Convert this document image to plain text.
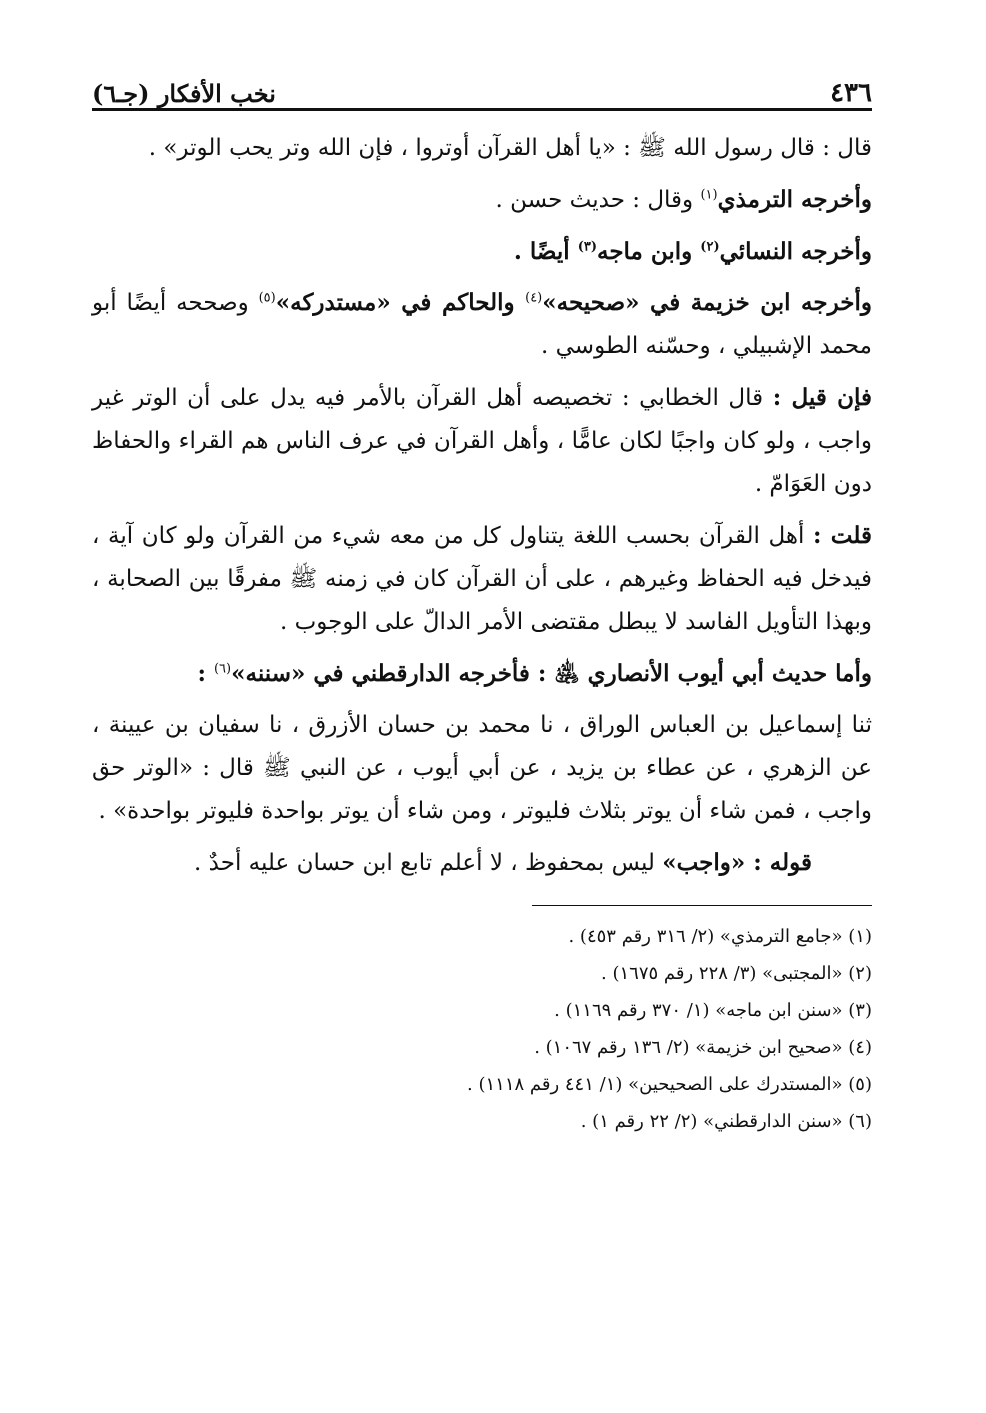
٤٣٦
نخب الأفكار (جـ٦)

قال : قال رسول الله ﷺ : «يا أهل القرآن أوتروا ، فإن الله وتر يحب الوتر» .

وأخرجه الترمذي$^{(١)}$ وقال : حديث حسن .

وأخرجه النسائي$^{(٢)}$ وابن ماجه$^{(٣)}$ أيضًا .

وأخرجه ابن خزيمة في «صحيحه»$^{(٤)}$ والحاكم في «مستدركه»$^{(٥)}$ وصححه أيضًا أبو محمد الإشبيلي ، وحسّنه الطوسي .

فإن قيل : قال الخطابي : تخصيصه أهل القرآن بالأمر فيه يدل على أن الوتر غير واجب ، ولو كان واجبًا لكان عامًّا ، وأهل القرآن في عرف الناس هم القراء والحفاظ دون العَوَامّ .

قلت : أهل القرآن بحسب اللغة يتناول كل من معه شيء من القرآن ولو كان آية ، فيدخل فيه الحفاظ وغيرهم ، على أن القرآن كان في زمنه ﷺ مفرقًا بين الصحابة ، وبهذا التأويل الفاسد لا يبطل مقتضى الأمر الدالّ على الوجوب .

وأما حديث أبي أيوب الأنصاري ﵁ : فأخرجه الدارقطني في «سننه»$^{(٦)}$ :

ثنا إسماعيل بن العباس الوراق ، نا محمد بن حسان الأزرق ، نا سفيان بن عيينة ، عن الزهري ، عن عطاء بن يزيد ، عن أبي أيوب ، عن النبي ﷺ قال : «الوتر حق واجب ، فمن شاء أن يوتر بثلاث فليوتر ، ومن شاء أن يوتر بواحدة فليوتر بواحدة» .

قوله : «واجب» ليس بمحفوظ ، لا أعلم تابع ابن حسان عليه أحدٌ .

(١) «جامع الترمذي» (٢/ ٣١٦ رقم ٤٥٣) .

(٢) «المجتبى» (٣/ ٢٢٨ رقم ١٦٧٥) .

(٣) «سنن ابن ماجه» (١/ ٣٧٠ رقم ١١٦٩) .

(٤) «صحيح ابن خزيمة» (٢/ ١٣٦ رقم ١٠٦٧) .

(٥) «المستدرك على الصحيحين» (١/ ٤٤١ رقم ١١١٨) .

(٦) «سنن الدارقطني» (٢/ ٢٢ رقم ١) .
